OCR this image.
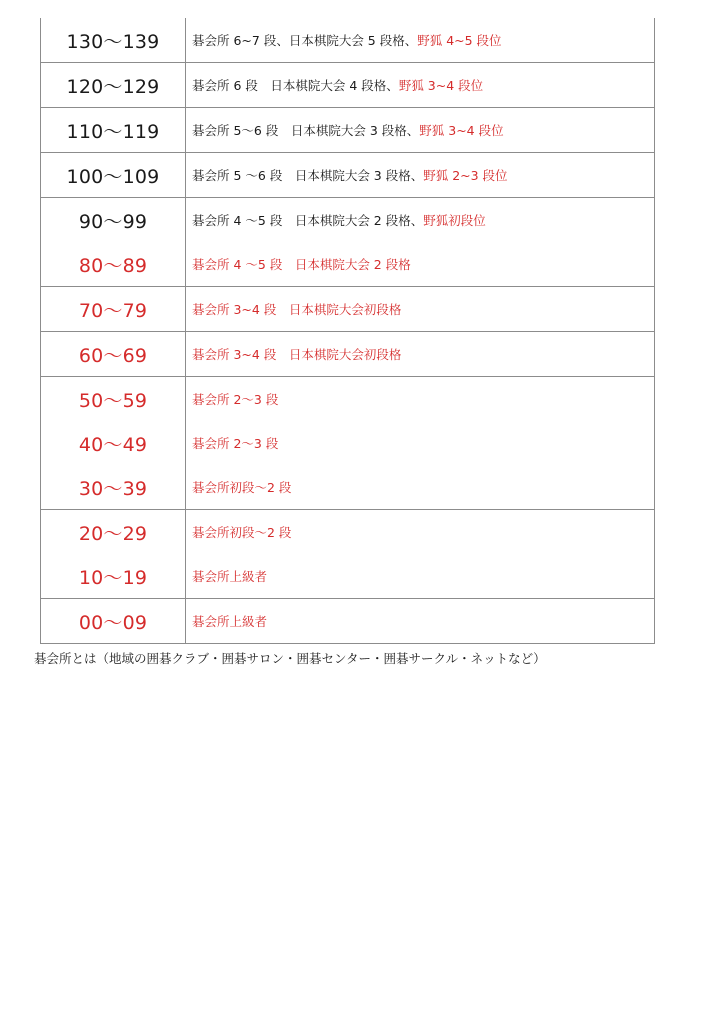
130～139	碁会所 6~7 段、日本棋院大会 5 段格、野狐 4~5 段位
120～129	碁会所 6 段　日本棋院大会 4 段格、野狐 3~4 段位
110～119	碁会所 5～6 段　日本棋院大会 3 段格、野狐 3~4 段位
100～109	碁会所 5 ～6 段　日本棋院大会 3 段格、野狐 2~3 段位
90～99	碁会所 4 ～5 段　日本棋院大会 2 段格、野狐初段位
80～89	碁会所 4 ～5 段　日本棋院大会 2 段格
70～79	碁会所 3~4 段　日本棋院大会初段格
60～69	碁会所 3~4 段　日本棋院大会初段格
50～59	碁会所 2～3 段
40～49	碁会所 2～3 段
30～39	碁会所初段～2 段
20～29	碁会所初段～2 段
10～19	碁会所上級者
00～09	碁会所上級者
碁会所とは（地域の囲碁クラブ・囲碁サロン・囲碁センター・囲碁サークル・ネットなど）
